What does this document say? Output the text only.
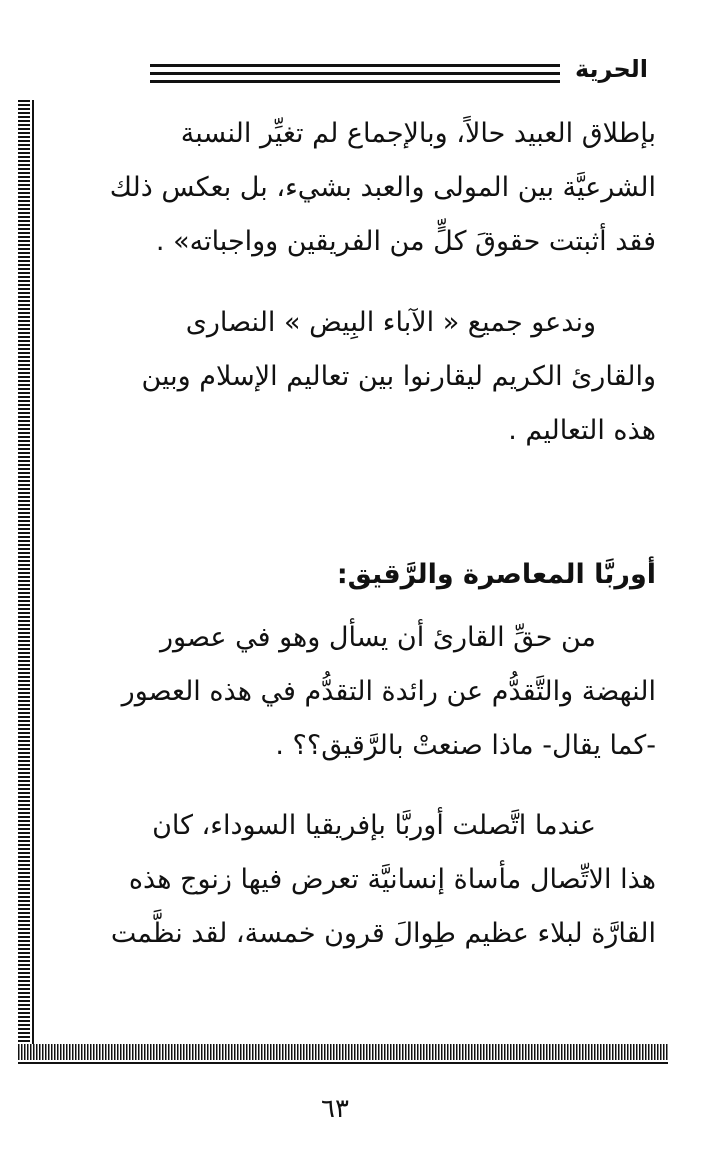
الحرية
بإطلاق العبيد حالاً، وبالإجماع لم تغيِّر النسبة
الشرعيَّة بين المولى والعبد بشيء، بل بعكس ذلك
فقد أثبتت حقوقَ كلٍّ من الفريقين وواجباته» .
وندعو جميع « الآباء البِيض » النصارى
والقارئ الكريم ليقارنوا بين تعاليم الإسلام وبين
هذه التعاليم .
أوربَّا المعاصرة والرَّقيق:
من حقِّ القارئ أن يسأل وهو في عصور
النهضة والتَّقدُّم عن رائدة التقدُّم في هذه العصور
-كما يقال- ماذا صنعتْ بالرَّقيق؟؟ .
عندما اتَّصلت أوربَّا بإفريقيا السوداء، كان
هذا الاتِّصال مأساة إنسانيَّة تعرض فيها زنوج هذه
القارَّة لبلاء عظيم طِوالَ قرون خمسة، لقد نظَّمت
٦٣
